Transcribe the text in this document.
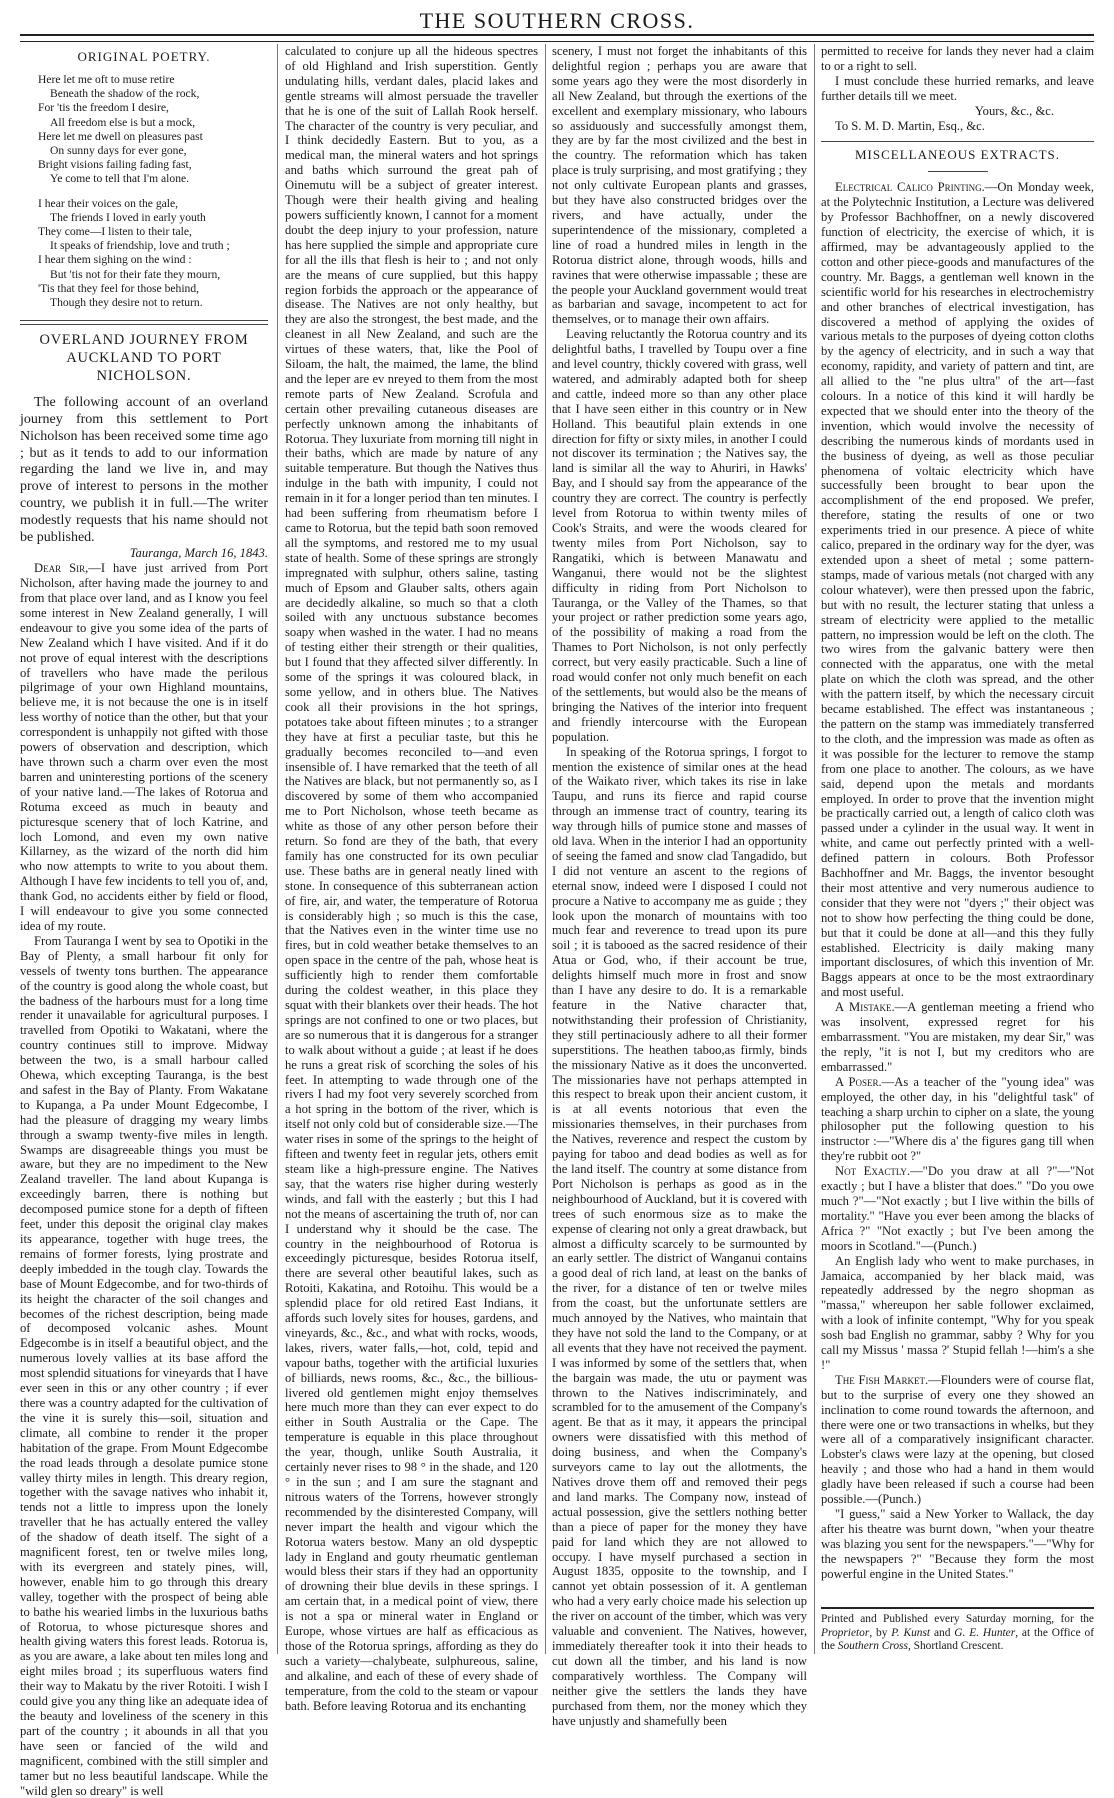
THE SOUTHERN CROSS.
ORIGINAL POETRY.
Here let me oft to muse retire
Beneath the shadow of the rock,
For 'tis the freedom I desire,
All freedom else is but a mock,
Here let me dwell on pleasures past
On sunny days for ever gone,
Bright visions failing fading fast,
Ye come to tell that I'm alone.
I hear their voices on the gale,
The friends I loved in early youth
They come—I listen to their tale,
It speaks of friendship, love and truth ;
I hear them sighing on the wind :
But 'tis not for their fate they mourn,
'Tis that they feel for those behind,
Though they desire not to return.
OVERLAND JOURNEY FROM AUCKLAND TO PORT NICHOLSON.

The following account of an overland journey from this settlement to Port Nicholson has been received some time ago ; but as it tends to add to our information regarding the land we live in, and may prove of interest to persons in the mother country, we publish it in full.—The writer modestly requests that his name should not be published.

Tauranga, March 16, 1843.

Dear Sir,—I have just arrived from Port Nicholson, after having made the journey to and from that place over land, and as I know you feel some interest in New Zealand generally, I will endeavour to give you some idea of the parts of New Zealand which I have visited. And if it do not prove of equal interest with the descriptions of travellers who have made the perilous pilgrimage of your own Highland mountains, believe me, it is not because the one is in itself less worthy of notice than the other, but that your correspondent is unhappily not gifted with those powers of observation and description, which have thrown such a charm over even the most barren and uninteresting portions of the scenery of your native land.—The lakes of Rotorua and Rotuma exceed as much in beauty and picturesque scenery that of loch Katrine, and loch Lomond, and even my own native Killarney, as the wizard of the north did him who now attempts to write to you about them. Although I have few incidents to tell you of, and, thank God, no accidents either by field or flood, I will endeavour to give you some connected idea of my route.

From Tauranga I went by sea to Opotiki in the Bay of Plenty, a small harbour fit only for vessels of twenty tons burthen. The appearance of the country is good along the whole coast, but the badness of the harbours must for a long time render it unavailable for agricultural purposes. I travelled from Opotiki to Wakatani, where the country continues still to improve. Midway between the two, is a small harbour called Ohewa, which excepting Tauranga, is the best and safest in the Bay of Planty. From Wakatane to Kupanga, a Pa under Mount Edgecombe, I had the pleasure of dragging my weary limbs through a swamp twenty-five miles in length. Swamps are disagreeable things you must be aware, but they are no impediment to the New Zealand traveller. The land about Kupanga is exceedingly barren, there is nothing but decomposed pumice stone for a depth of fifteen feet, under this deposit the original clay makes its appearance, together with huge trees, the remains of former forests, lying prostrate and deeply imbedded in the tough clay. Towards the base of Mount Edgecombe, and for two-thirds of its height the character of the soil changes and becomes of the richest description, being made of decomposed volcanic ashes. Mount Edgecombe is in itself a beautiful object, and the numerous lovely vallies at its base afford the most splendid situations for vineyards that I have ever seen in this or any other country ; if ever there was a country adapted for the cultivation of the vine it is surely this—soil, situation and climate, all combine to render it the proper habitation of the grape. From Mount Edgecombe the road leads through a desolate pumice stone valley thirty miles in length. This dreary region, together with the savage natives who inhabit it, tends not a little to impress upon the lonely traveller that he has actually entered the valley of the shadow of death itself. The sight of a magnificent forest, ten or twelve miles long, with its evergreen and stately pines, will, however, enable him to go through this dreary valley, together with the prospect of being able to bathe his wearied limbs in the luxurious baths of Rotorua, to whose picturesque shores and health giving waters this forest leads. Rotorua is, as you are aware, a lake about ten miles long and eight miles broad ; its superfluous waters find their way to Makatu by the river Rotoiti. I wish I could give you any thing like an adequate idea of the beauty and loveliness of the scenery in this part of the country ; it abounds in all that you have seen or fancied of the wild and magnificent, combined with the still simpler and tamer but no less beautiful landscape. While the "wild glen so dreary" is well

calculated to conjure up all the hideous spectres of old Highland and Irish superstition. Gently undulating hills, verdant dales, placid lakes and gentle streams will almost persuade the traveller that he is one of the suit of Lallah Rook herself. The character of the country is very peculiar, and I think decidedly Eastern. But to you, as a medical man, the mineral waters and hot springs and baths which surround the great pah of Oinemutu will be a subject of greater interest. Though were their health giving and healing powers sufficiently known, I cannot for a moment doubt the deep injury to your profession, nature has here supplied the simple and appropriate cure for all the ills that flesh is heir to ; and not only are the means of cure supplied, but this happy region forbids the approach or the appearance of disease. The Natives are not only healthy, but they are also the strongest, the best made, and the cleanest in all New Zealand, and such are the virtues of these waters, that, like the Pool of Siloam, the halt, the maimed, the lame, the blind and the leper are ev nreyed to them from the most remote parts of New Zealand. Scrofula and certain other prevailing cutaneous diseases are perfectly unknown among the inhabitants of Rotorua. They luxuriate from morning till night in their baths, which are made by nature of any suitable temperature. But though the Natives thus indulge in the bath with impunity, I could not remain in it for a longer period than ten minutes. I had been suffering from rheumatism before I came to Rotorua, but the tepid bath soon removed all the symptoms, and restored me to my usual state of health. Some of these springs are strongly impregnated with sulphur, others saline, tasting much of Epsom and Glauber salts, others again are decidedly alkaline, so much so that a cloth soiled with any unctuous substance becomes soapy when washed in the water. I had no means of testing either their strength or their qualities, but I found that they affected silver differently. In some of the springs it was coloured black, in some yellow, and in others blue. The Natives cook all their provisions in the hot springs, potatoes take about fifteen minutes ; to a stranger they have at first a peculiar taste, but this he gradually becomes reconciled to—and even insensible of. I have remarked that the teeth of all the Natives are black, but not permanently so, as I discovered by some of them who accompanied me to Port Nicholson, whose teeth became as white as those of any other person before their return. So fond are they of the bath, that every family has one constructed for its own peculiar use. These baths are in general neatly lined with stone. In consequence of this subterranean action of fire, air, and water, the temperature of Rotorua is considerably high ; so much is this the case, that the Natives even in the winter time use no fires, but in cold weather betake themselves to an open space in the centre of the pah, whose heat is sufficiently high to render them comfortable during the coldest weather, in this place they squat with their blankets over their heads. The hot springs are not confined to one or two places, but are so numerous that it is dangerous for a stranger to walk about without a guide ; at least if he does he runs a great risk of scorching the soles of his feet. In attempting to wade through one of the rivers I had my foot very severely scorched from a hot spring in the bottom of the river, which is itself not only cold but of considerable size.—The water rises in some of the springs to the height of fifteen and twenty feet in regular jets, others emit steam like a high-pressure engine. The Natives say, that the waters rise higher during westerly winds, and fall with the easterly ; but this I had not the means of ascertaining the truth of, nor can I understand why it should be the case. The country in the neighbourhood of Rotorua is exceedingly picturesque, besides Rotorua itself, there are several other beautiful lakes, such as Rotoiti, Kakatina, and Rotoihu. This would be a splendid place for old retired East Indians, it affords such lovely sites for houses, gardens, and vineyards, &c., &c., and what with rocks, woods, lakes, rivers, water falls,—hot, cold, tepid and vapour baths, together with the artificial luxuries of billiards, news rooms, &c., &c., the billious-livered old gentlemen might enjoy themselves here much more than they can ever expect to do either in South Australia or the Cape. The temperature is equable in this place throughout the year, though, unlike South Australia, it certainly never rises to 98 ° in the shade, and 120 ° in the sun ; and I am sure the stagnant and nitrous waters of the Torrens, however strongly recommended by the disinterested Company, will never impart the health and vigour which the Rotorua waters bestow. Many an old dyspeptic lady in England and gouty rheumatic gentleman would bless their stars if they had an opportunity of drowning their blue devils in these springs. I am certain that, in a medical point of view, there is not a spa or mineral water in England or Europe, whose virtues are half as efficacious as those of the Rotorua springs, affording as they do such a variety—chalybeate, sulphureous, saline, and alkaline, and each of these of every shade of temperature, from the cold to the steam or vapour bath. Before leaving Rotorua and its enchanting

scenery, I must not forget the inhabitants of this delightful region ; perhaps you are aware that some years ago they were the most disorderly in all New Zealand, but through the exertions of the excellent and exemplary missionary, who labours so assiduously and successfully amongst them, they are by far the most civilized and the best in the country. The reformation which has taken place is truly surprising, and most gratifying ; they not only cultivate European plants and grasses, but they have also constructed bridges over the rivers, and have actually, under the superintendence of the missionary, completed a line of road a hundred miles in length in the Rotorua district alone, through woods, hills and ravines that were otherwise impassable ; these are the people your Auckland government would treat as barbarian and savage, incompetent to act for themselves, or to manage their own affairs.

Leaving reluctantly the Rotorua country and its delightful baths, I travelled by Toupu over a fine and level country, thickly covered with grass, well watered, and admirably adapted both for sheep and cattle, indeed more so than any other place that I have seen either in this country or in New Holland. This beautiful plain extends in one direction for fifty or sixty miles, in another I could not discover its termination ; the Natives say, the land is similar all the way to Ahuriri, in Hawks' Bay, and I should say from the appearance of the country they are correct. The country is perfectly level from Rotorua to within twenty miles of Cook's Straits, and were the woods cleared for twenty miles from Port Nicholson, say to Rangatiki, which is between Manawatu and Wanganui, there would not be the slightest difficulty in riding from Port Nicholson to Tauranga, or the Valley of the Thames, so that your project or rather prediction some years ago, of the possibility of making a road from the Thames to Port Nicholson, is not only perfectly correct, but very easily practicable. Such a line of road would confer not only much benefit on each of the settlements, but would also be the means of bringing the Natives of the interior into frequent and friendly intercourse with the European population.

In speaking of the Rotorua springs, I forgot to mention the existence of similar ones at the head of the Waikato river, which takes its rise in lake Taupu, and runs its fierce and rapid course through an immense tract of country, tearing its way through hills of pumice stone and masses of old lava. When in the interior I had an opportunity of seeing the famed and snow clad Tangadido, but I did not venture an ascent to the regions of eternal snow, indeed were I disposed I could not procure a Native to accompany me as guide ; they look upon the monarch of mountains with too much fear and reverence to tread upon its pure soil ; it is tabooed as the sacred residence of their Atua or God, who, if their account be true, delights himself much more in frost and snow than I have any desire to do. It is a remarkable feature in the Native character that, notwithstanding their profession of Christianity, they still pertinaciously adhere to all their former superstitions. The heathen taboo,as firmly, binds the missionary Native as it does the unconverted. The missionaries have not perhaps attempted in this respect to break upon their ancient custom, it is at all events notorious that even the missionaries themselves, in their purchases from the Natives, reverence and respect the custom by paying for taboo and dead bodies as well as for the land itself. The country at some distance from Port Nicholson is perhaps as good as in the neighbourhood of Auckland, but it is covered with trees of such enormous size as to make the expense of clearing not only a great drawback, but almost a difficulty scarcely to be surmounted by an early settler. The district of Wanganui contains a good deal of rich land, at least on the banks of the river, for a distance of ten or twelve miles from the coast, but the unfortunate settlers are much annoyed by the Natives, who maintain that they have not sold the land to the Company, or at all events that they have not received the payment. I was informed by some of the settlers that, when the bargain was made, the utu or payment was thrown to the Natives indiscriminately, and scrambled for to the amusement of the Company's agent. Be that as it may, it appears the principal owners were dissatisfied with this method of doing business, and when the Company's surveyors came to lay out the allotments, the Natives drove them off and removed their pegs and land marks. The Company now, instead of actual possession, give the settlers nothing better than a piece of paper for the money they have paid for land which they are not allowed to occupy. I have myself purchased a section in August 1835, opposite to the township, and I cannot yet obtain possession of it. A gentleman who had a very early choice made his selection up the river on account of the timber, which was very valuable and convenient. The Natives, however, immediately thereafter took it into their heads to cut down all the timber, and his land is now comparatively worthless. The Company will neither give the settlers the lands they have purchased from them, nor the money which they have unjustly and shamefully been

permitted to receive for lands they never had a claim to or a right to sell.

I must conclude these hurried remarks, and leave further details till we meet.

Yours, &c., &c.

To S. M. D. Martin, Esq., &c.

MISCELLANEOUS EXTRACTS.

Electrical Calico Printing.—On Monday week, at the Polytechnic Institution, a Lecture was delivered by Professor Bachhoffner, on a newly discovered function of electricity, the exercise of which, it is affirmed, may be advantageously applied to the cotton and other piece-goods and manufactures of the country. Mr. Baggs, a gentleman well known in the scientific world for his researches in electrochemistry and other branches of electrical investigation, has discovered a method of applying the oxides of various metals to the purposes of dyeing cotton cloths by the agency of electricity, and in such a way that economy, rapidity, and variety of pattern and tint, are all allied to the "ne plus ultra" of the art—fast colours. In a notice of this kind it will hardly be expected that we should enter into the theory of the invention, which would involve the necessity of describing the numerous kinds of mordants used in the business of dyeing, as well as those peculiar phenomena of voltaic electricity which have successfully been brought to bear upon the accomplishment of the end proposed. We prefer, therefore, stating the results of one or two experiments tried in our presence. A piece of white calico, prepared in the ordinary way for the dyer, was extended upon a sheet of metal ; some pattern-stamps, made of various metals (not charged with any colour whatever), were then pressed upon the fabric, but with no result, the lecturer stating that unless a stream of electricity were applied to the metallic pattern, no impression would be left on the cloth. The two wires from the galvanic battery were then connected with the apparatus, one with the metal plate on which the cloth was spread, and the other with the pattern itself, by which the necessary circuit became established. The effect was instantaneous ; the pattern on the stamp was immediately transferred to the cloth, and the impression was made as often as it was possible for the lecturer to remove the stamp from one place to another. The colours, as we have said, depend upon the metals and mordants employed. In order to prove that the invention might be practically carried out, a length of calico cloth was passed under a cylinder in the usual way. It went in white, and came out perfectly printed with a well-defined pattern in colours. Both Professor Bachhoffner and Mr. Baggs, the inventor besought their most attentive and very numerous audience to consider that they were not "dyers ;" their object was not to show how perfecting the thing could be done, but that it could be done at all—and this they fully established. Electricity is daily making many important disclosures, of which this invention of Mr. Baggs appears at once to be the most extraordinary and most useful.

A Mistake.—A gentleman meeting a friend who was insolvent, expressed regret for his embarrassment. "You are mistaken, my dear Sir," was the reply, "it is not I, but my creditors who are embarrassed."

A Poser.—As a teacher of the "young idea" was employed, the other day, in his "delightful task" of teaching a sharp urchin to cipher on a slate, the young philosopher put the following question to his instructor :—"Where dis a' the figures gang till when they're rubbit oot ?"

Not Exactly.—"Do you draw at all ?"—"Not exactly ; but I have a blister that does." "Do you owe much ?"—"Not exactly ; but I live within the bills of mortality." "Have you ever been among the blacks of Africa ?" "Not exactly ; but I've been among the moors in Scotland."—(Punch.)

An English lady who went to make purchases, in Jamaica, accompanied by her black maid, was repeatedly addressed by the negro shopman as "massa," whereupon her sable follower exclaimed, with a look of infinite contempt, "Why for you speak sosh bad English no grammar, sabby ? Why for you call my Missus ' massa ?' Stupid fellah !—him's a she !"

The Fish Market.—Flounders were of course flat, but to the surprise of every one they showed an inclination to come round towards the afternoon, and there were one or two transactions in whelks, but they were all of a comparatively insignificant character. Lobster's claws were lazy at the opening, but closed heavily ; and those who had a hand in them would gladly have been released if such a course had been possible.—(Punch.)

"I guess," said a New Yorker to Wallack, the day after his theatre was burnt down, "when your theatre was blazing you sent for the newspapers."—"Why for the newspapers ?" "Because they form the most powerful engine in the United States."

Printed and Published every Saturday morning, for the Proprietor, by P. Kunst and G. E. Hunter, at the Office of the Southern Cross, Shortland Crescent.
